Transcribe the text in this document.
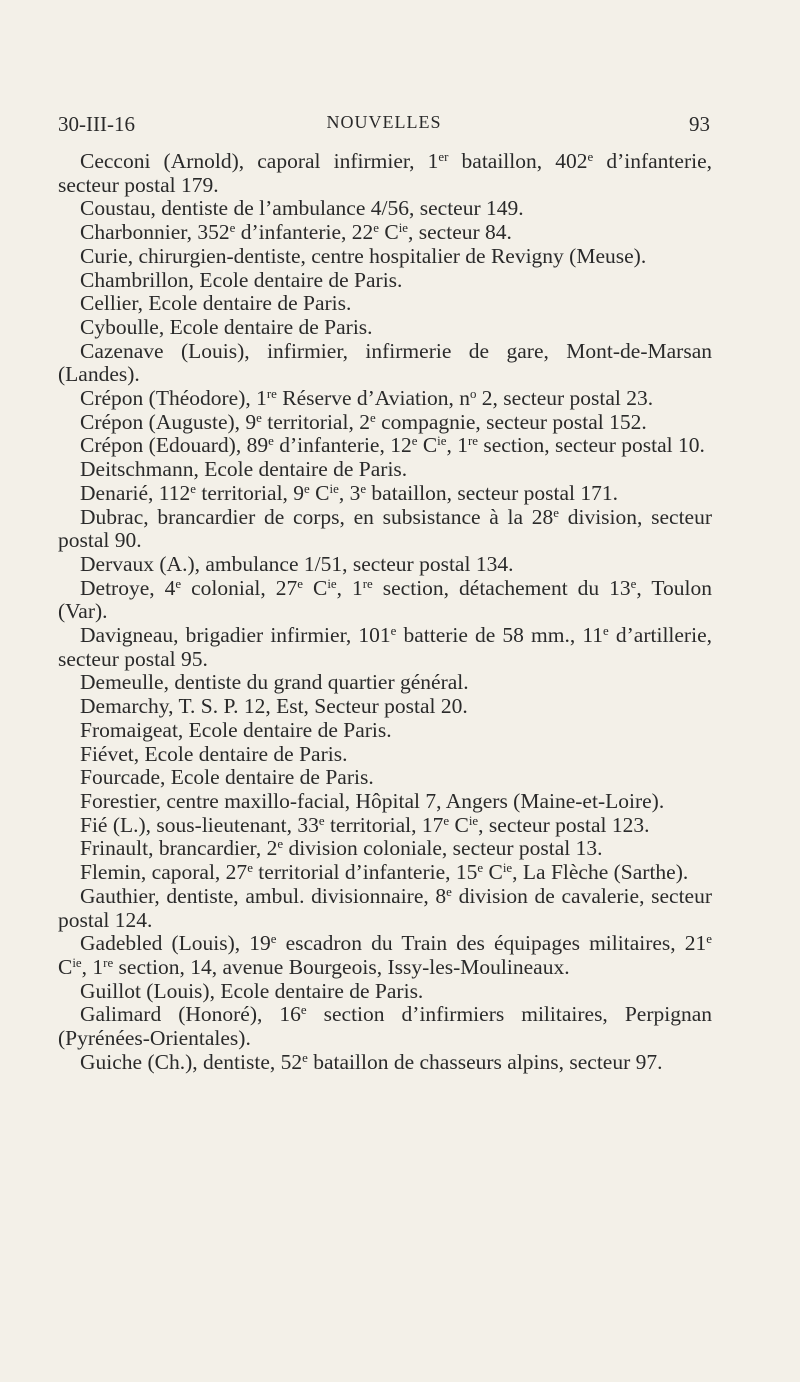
30-III-16	NOUVELLES	93

Cecconi (Arnold), caporal infirmier, 1er bataillon, 402e d’infanterie, secteur postal 179.

Coustau, dentiste de l’ambulance 4/56, secteur 149.

Charbonnier, 352e d’infanterie, 22e $C^{ie}$, secteur 84.

Curie, chirurgien-dentiste, centre hospitalier de Revigny (Meuse).

Chambrillon, Ecole dentaire de Paris.

Cellier, Ecole dentaire de Paris.

Cyboulle, Ecole dentaire de Paris.

Cazenave (Louis), infirmier, infirmerie de gare, Mont-de-Marsan (Landes).

Crépon (Théodore), 1re Réserve d’Aviation, $n^o$ 2, secteur postal 23.

Crépon (Auguste), 9e territorial, 2e compagnie, secteur postal 152.

Crépon (Edouard), 89e d’infanterie, 12e $C^{ie}$, 1re section, secteur postal 10.

Deitschmann, Ecole dentaire de Paris.

Denarié, 112e territorial, 9e $C^{ie}$, 3e bataillon, secteur postal 171.

Dubrac, brancardier de corps, en subsistance à la 28e division, secteur postal 90.

Dervaux (A.), ambulance 1/51, secteur postal 134.

Detroye, 4e colonial, 27e $C^{ie}$, 1re section, détachement du 13e, Toulon (Var).

Davigneau, brigadier infirmier, 101e batterie de 58 mm., 11e d’artillerie, secteur postal 95.

Demeulle, dentiste du grand quartier général.

Demarchy, T. S. P. 12, Est, Secteur postal 20.

Fromaigeat, Ecole dentaire de Paris.

Fiévet, Ecole dentaire de Paris.

Fourcade, Ecole dentaire de Paris.

Forestier, centre maxillo-facial, Hôpital 7, Angers (Maine-et-Loire).

Fié (L.), sous-lieutenant, 33e territorial, 17e $C^{ie}$, secteur postal 123.

Frinault, brancardier, 2e division coloniale, secteur postal 13.

Flemin, caporal, 27e territorial d’infanterie, 15e $C^{ie}$, La Flèche (Sarthe).

Gauthier, dentiste, ambul. divisionnaire, 8e division de cavalerie, secteur postal 124.

Gadebled (Louis), 19e escadron du Train des équipages militaires, 21e $C^{ie}$, 1re section, 14, avenue Bourgeois, Issy-les-Moulineaux.

Guillot (Louis), Ecole dentaire de Paris.

Galimard (Honoré), 16e section d’infirmiers militaires, Perpignan (Pyrénées-Orientales).

Guiche (Ch.), dentiste, 52e bataillon de chasseurs alpins, secteur 97.
